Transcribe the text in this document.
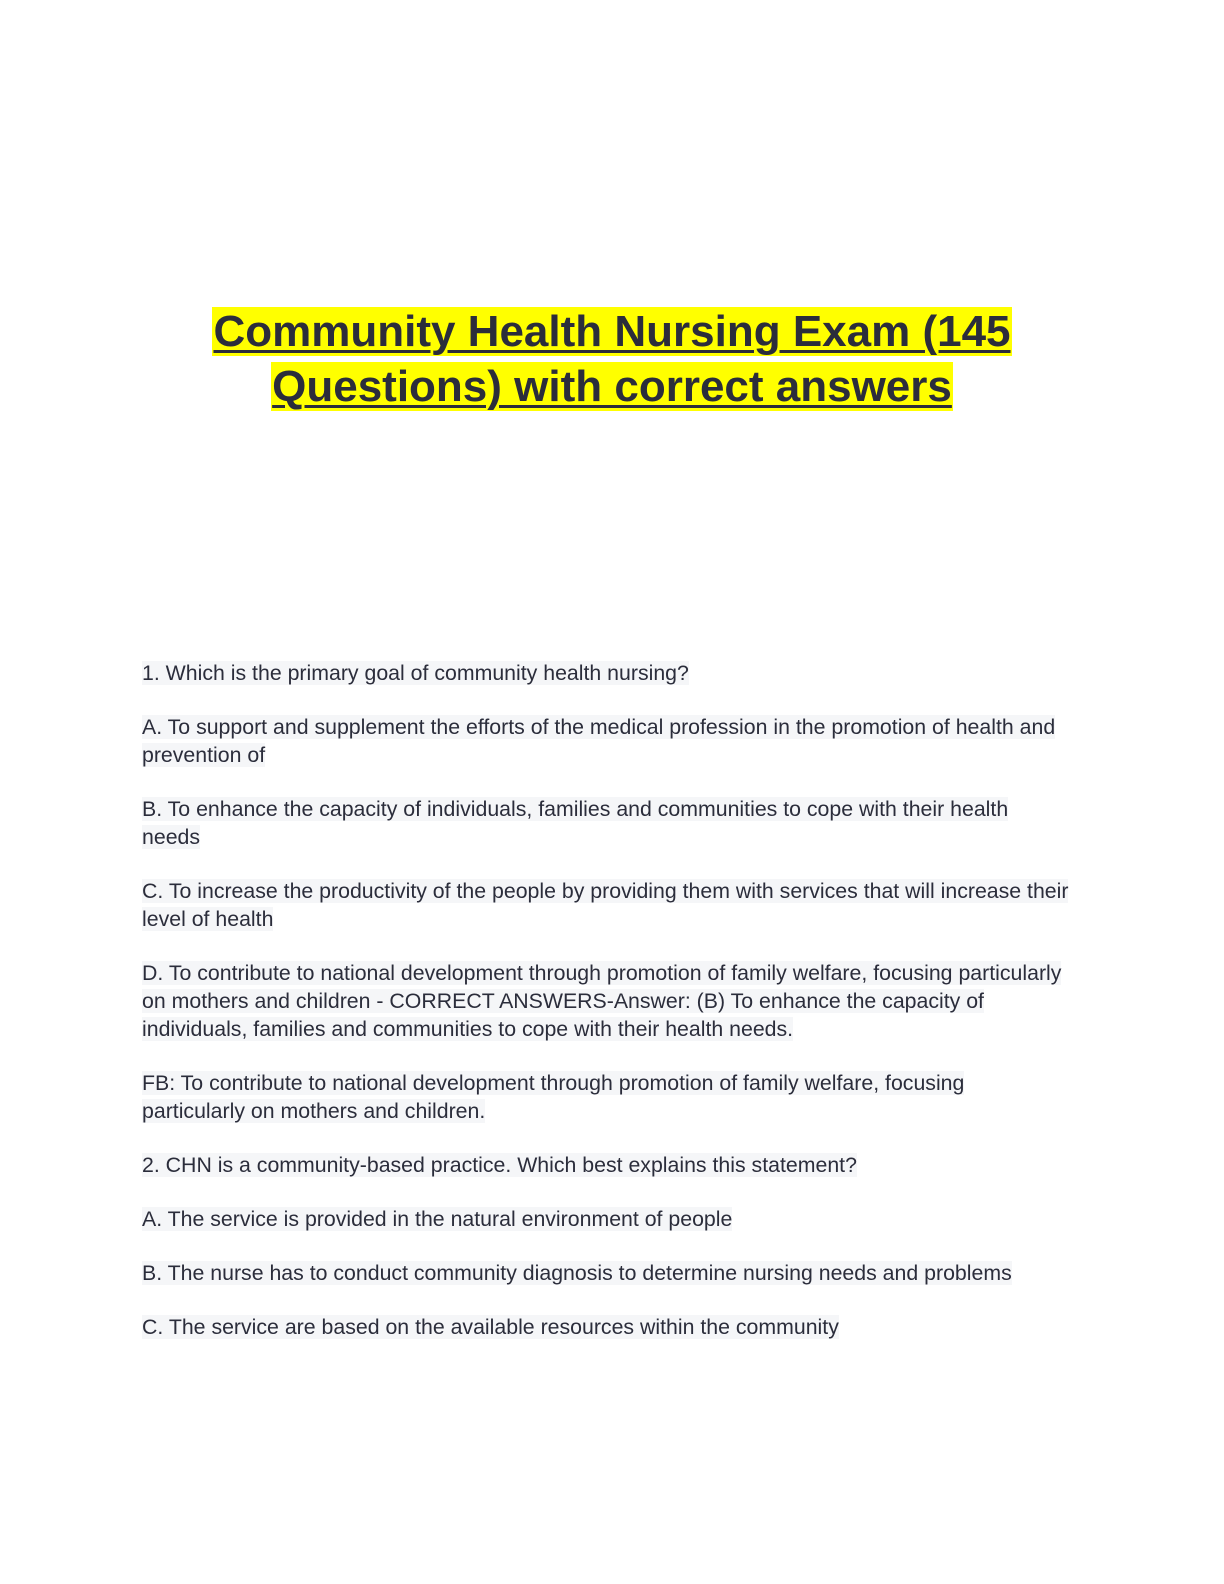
Community Health Nursing Exam (145
Questions) with correct answers

1. Which is the primary goal of community health nursing?

A. To support and supplement the efforts of the medical profession in the promotion of health and prevention of

B. To enhance the capacity of individuals, families and communities to cope with their health needs

C. To increase the productivity of the people by providing them with services that will increase their level of health

D. To contribute to national development through promotion of family welfare, focusing particularly on mothers and children - CORRECT ANSWERS-Answer: (B) To enhance the capacity of individuals, families and communities to cope with their health needs.

FB: To contribute to national development through promotion of family welfare, focusing particularly on mothers and children.

2. CHN is a community-based practice. Which best explains this statement?

A. The service is provided in the natural environment of people

B. The nurse has to conduct community diagnosis to determine nursing needs and problems

C. The service are based on the available resources within the community
